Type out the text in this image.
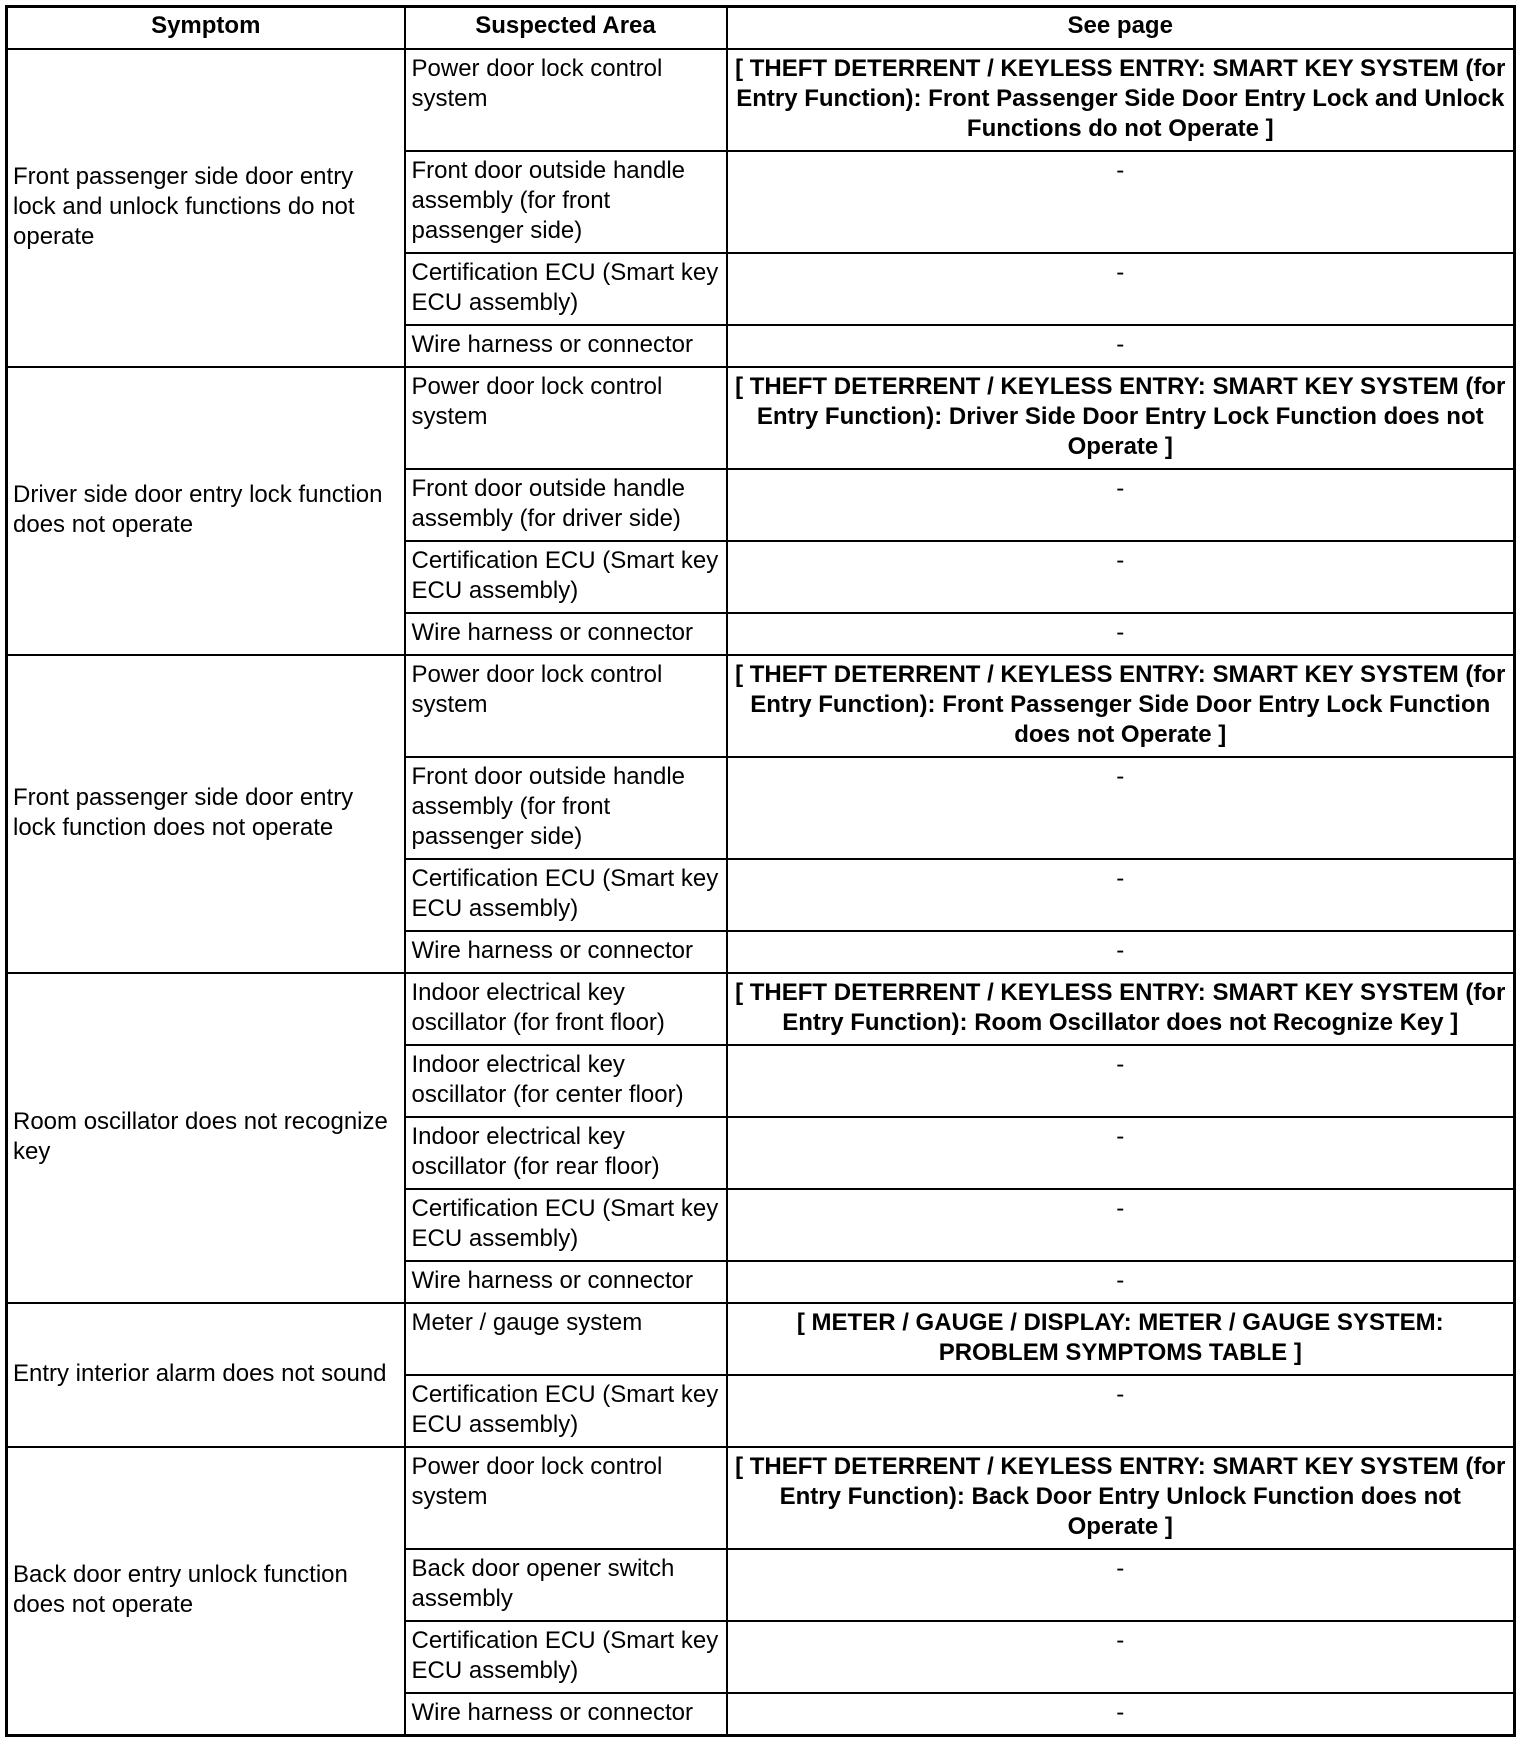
Symptom	Suspected Area	See page
Front passenger side door entry lock and unlock functions do not operate	Power door lock control system	[ THEFT DETERRENT / KEYLESS ENTRY: SMART KEY SYSTEM (for Entry Function): Front Passenger Side Door Entry Lock and Unlock Functions do not Operate ]
	Front door outside handle assembly (for front passenger side)	-
	Certification ECU (Smart key ECU assembly)	-
	Wire harness or connector	-
Driver side door entry lock function does not operate	Power door lock control system	[ THEFT DETERRENT / KEYLESS ENTRY: SMART KEY SYSTEM (for Entry Function): Driver Side Door Entry Lock Function does not Operate ]
	Front door outside handle assembly (for driver side)	-
	Certification ECU (Smart key ECU assembly)	-
	Wire harness or connector	-
Front passenger side door entry lock function does not operate	Power door lock control system	[ THEFT DETERRENT / KEYLESS ENTRY: SMART KEY SYSTEM (for Entry Function): Front Passenger Side Door Entry Lock Function does not Operate ]
	Front door outside handle assembly (for front passenger side)	-
	Certification ECU (Smart key ECU assembly)	-
	Wire harness or connector	-
Room oscillator does not recognize key	Indoor electrical key oscillator (for front floor)	[ THEFT DETERRENT / KEYLESS ENTRY: SMART KEY SYSTEM (for Entry Function): Room Oscillator does not Recognize Key ]
	Indoor electrical key oscillator (for center floor)	-
	Indoor electrical key oscillator (for rear floor)	-
	Certification ECU (Smart key ECU assembly)	-
	Wire harness or connector	-
Entry interior alarm does not sound	Meter / gauge system	[ METER / GAUGE / DISPLAY: METER / GAUGE SYSTEM: PROBLEM SYMPTOMS TABLE ]
	Certification ECU (Smart key ECU assembly)	-
Back door entry unlock function does not operate	Power door lock control system	[ THEFT DETERRENT / KEYLESS ENTRY: SMART KEY SYSTEM (for Entry Function): Back Door Entry Unlock Function does not Operate ]
	Back door opener switch assembly	-
	Certification ECU (Smart key ECU assembly)	-
	Wire harness or connector	-
